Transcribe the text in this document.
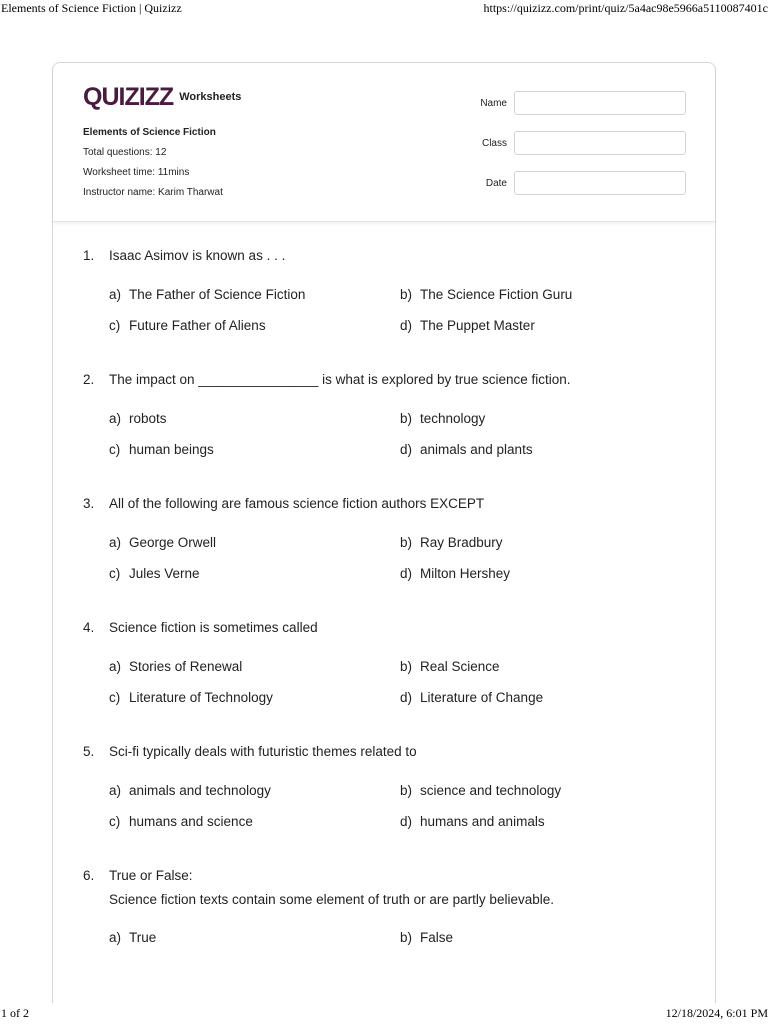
Elements of Science Fiction | Quizizz	https://quizizz.com/print/quiz/5a4ac98e5966a5110087401c
QUIZIZZ Worksheets
Elements of Science Fiction
Total questions: 12
Worksheet time: 11mins
Instructor name: Karim Tharwat
Name
Class
Date
1.	Isaac Asimov is known as . . .
a) The Father of Science Fiction	b) The Science Fiction Guru
c) Future Father of Aliens	d) The Puppet Master
2.	The impact on ________________ is what is explored by true science fiction.
a) robots	b) technology
c) human beings	d) animals and plants
3.	All of the following are famous science fiction authors EXCEPT
a) George Orwell	b) Ray Bradbury
c) Jules Verne	d) Milton Hershey
4.	Science fiction is sometimes called
a) Stories of Renewal	b) Real Science
c) Literature of Technology	d) Literature of Change
5.	Sci-fi typically deals with futuristic themes related to
a) animals and technology	b) science and technology
c) humans and science	d) humans and animals
6.	True or False:
Science fiction texts contain some element of truth or are partly believable.
a) True	b) False
1 of 2	12/18/2024, 6:01 PM
